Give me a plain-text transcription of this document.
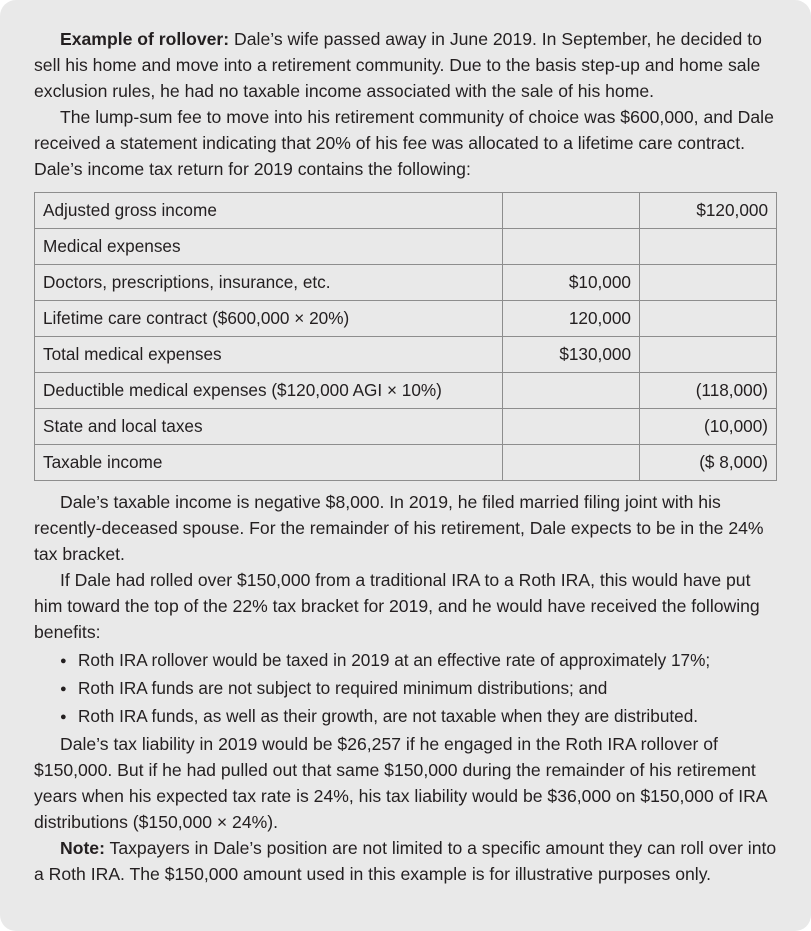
Example of rollover: Dale’s wife passed away in June 2019. In September, he decided to sell his home and move into a retirement community. Due to the basis step-up and home sale exclusion rules, he had no taxable income associated with the sale of his home.

The lump-sum fee to move into his retirement community of choice was $600,000, and Dale received a statement indicating that 20% of his fee was allocated to a lifetime care contract. Dale’s income tax return for 2019 contains the following:

Adjusted gross income		$120,000
Medical expenses		
Doctors, prescriptions, insurance, etc.	$10,000	
Lifetime care contract ($600,000 × 20%)	120,000	
Total medical expenses	$130,000	
Deductible medical expenses ($120,000 AGI × 10%)		(118,000)
State and local taxes		(10,000)
Taxable income		($ 8,000)

Dale’s taxable income is negative $8,000. In 2019, he filed married filing joint with his recently-deceased spouse. For the remainder of his retirement, Dale expects to be in the 24% tax bracket.

If Dale had rolled over $150,000 from a traditional IRA to a Roth IRA, this would have put him toward the top of the 22% tax bracket for 2019, and he would have received the following benefits:

● Roth IRA rollover would be taxed in 2019 at an effective rate of approximately 17%;
● Roth IRA funds are not subject to required minimum distributions; and
● Roth IRA funds, as well as their growth, are not taxable when they are distributed.

Dale’s tax liability in 2019 would be $26,257 if he engaged in the Roth IRA rollover of $150,000. But if he had pulled out that same $150,000 during the remainder of his retirement years when his expected tax rate is 24%, his tax liability would be $36,000 on $150,000 of IRA distributions ($150,000 × 24%).

Note: Taxpayers in Dale’s position are not limited to a specific amount they can roll over into a Roth IRA. The $150,000 amount used in this example is for illustrative purposes only.
